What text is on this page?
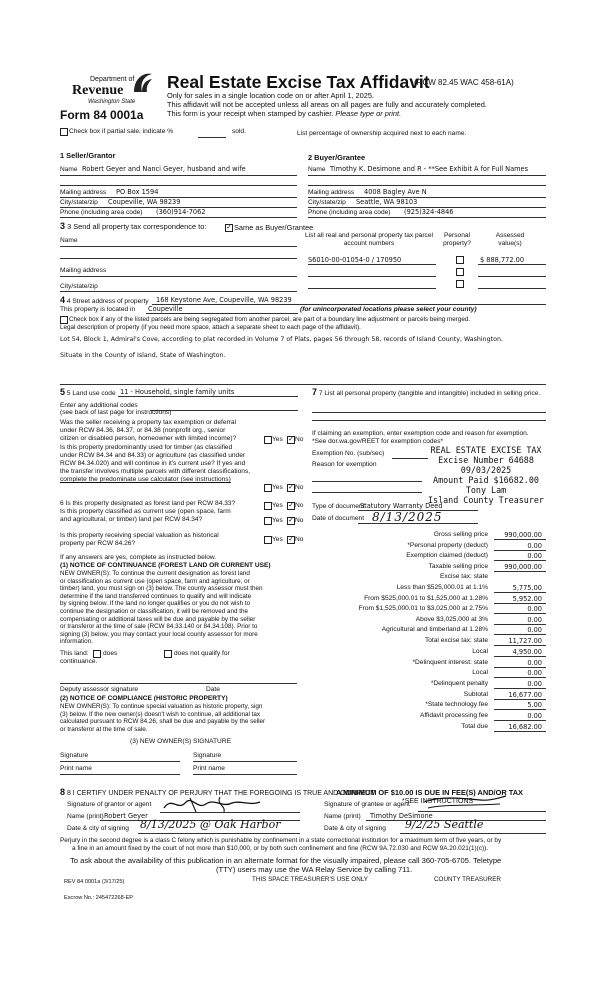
Department of
Revenue
Washington State
Form 84 0001a
Real Estate Excise Tax Affidavit
(RCW 82.45 WAC 458-61A)
Only for sales in a single location code on or after April 1, 2025.
This affidavit will not be accepted unless all areas on all pages are fully and accurately completed.
This form is your receipt when stamped by cashier. Please type or print.
Check box if partial sale, indicate %	sold.	List percentage of ownership acquired next to each name.
1 Seller/Grantor
Name Robert Geyer and Nanci Geyer, husband and wife
Mailing address PO Box 1594
City/state/zip Coupeville, WA 98239
Phone (including area code) (360)914-7062
2 Buyer/Grantee
Name Timothy K. Desimone and R - **See Exhibit A for Full Names
Mailing address 4008 Bagley Ave N
City/state/zip Seattle, WA 98103
Phone (including area code) (925)324-4846
3 3 Send all property tax correspondence to:	✓ Same as Buyer/Grantee
Name
Mailing address
City/state/zip
List all real and personal property tax parcel account numbers
Personal property?
Assessed value(s)
S6010-00-01054-0 / 170950	$ 888,772.00
4 4 Street address of property 168 Keystone Ave, Coupeville, WA 98239
This property is located in Coupeville	(for unincorporated locations please select your county)
Check box if any of the listed parcels are being segregated from another parcel, are part of a boundary line adjustment or parcels being merged.
Legal description of property (if you need more space, attach a separate sheet to each page of the affidavit).
Lot 54, Block 1, Admiral's Cove, according to plat recorded in Volume 7 of Plats, pages 56 through 58, records of Island County, Washington.
Situate in the County of Island, State of Washington.
5 5 Land use code 11 - Household, single family units
Enter any additional codes
(see back of last page for instructions)
Was the seller receiving a property tax exemption or deferral
under RCW 84.36, 84.37, or 84.38 (nonprofit org., senior
citizen or disabled person, homeowner with limited income)?	Yes ✓ No
Is this property predominantly used for timber (as classified
under RCW 84.34 and 84.33) or agriculture (as classified under
RCW 84.34.020) and will continue in it's current use? If yes and
the transfer involves multiple parcels with different classifications,
complete the predominate use calculator (see instructions)
Yes ✓ No
6 Is this property designated as forest land per RCW 84.33?
Is this property classified as current use (open space, farm
and agricultural, or timber) land per RCW 84.34?
Yes ✓ No
Yes ✓ No
Is this property receiving special valuation as historical
property per RCW 84.26?
Yes ✓ No
If any answers are yes, complete as instructed below.
(1) NOTICE OF CONTINUANCE (FOREST LAND OR CURRENT USE)
NEW OWNER(S): To continue the current designation as forest land
or classification as current use (open space, farm and agriculture, or
timber) land, you must sign on (3) below. The county assessor must then
determine if the land transferred continues to qualify and will indicate
by signing below. If the land no longer qualifies or you do not wish to
continue the designation or classification, it will be removed and the
compensating or additional taxes will be due and payable by the seller
or transferor at the time of sale (RCW 84.33.140 or 84.34.108). Prior to
signing (3) below, you may contact your local county assessor for more
information.
This land: does	does not qualify for
continuance.
Deputy assessor signature	Date
(2) NOTICE OF COMPLIANCE (HISTORIC PROPERTY)
NEW OWNER(S): To continue special valuation as historic property, sign
(3) below. If the new owner(s) doesn't wish to continue, all additional tax
calculated pursuant to RCW 84.26, shall be due and payable by the seller
or transferor at the time of sale.
(3) NEW OWNER(S) SIGNATURE
Signature	Signature
Print name	Print name
7 7 List all personal property (tangible and intangible) included in selling price.
If claiming an exemption, enter exemption code and reason for exemption.
*See dor.wa.gov/REET for exemption codes*
Exemption No. (sub/sec)
Reason for exemption
REAL ESTATE EXCISE TAX
Excise Number 64688
09/03/2025
Amount Paid $16682.00
Tony Lam
Island County Treasurer
Type of document
Statutory Warranty Deed
Date of document 8/13/2025
Gross selling price	990,000.00
*Personal property (deduct)	0.00
Exemption claimed (deduct)	0.00
Taxable selling price	990,000.00
Excise tax: state
Less than $525,000.01 at 1.1%	5,775.00
From $525,000.01 to $1,525,000 at 1.28%	5,952.00
From $1,525,000.01 to $3,025,000 at 2.75%	0.00
Above $3,025,000 at 3%	0.00
Agricultural and timberland at 1.28%	0.00
Total excise tax: state	11,727.00
Local	4,950.00
*Delinquent interest: state	0.00
Local	0.00
*Delinquent penalty	0.00
Subtotal	16,677.00
*State technology fee	5.00
Affidavit processing fee	0.00
Total due	16,682.00
A MINIMUM OF $10.00 IS DUE IN FEE(S) AND/OR TAX
*SEE INSTRUCTIONS
8 8 I CERTIFY UNDER PENALTY OF PERJURY THAT THE FOREGOING IS TRUE AND CORRECT
Signature of grantor or agent
Name (print) Robert Geyer
Date & city of signing 8/13/2025 @ Oak Harbor
Signature of grantee or agent
Name (print) Timothy DeSimone
Date & city of signing 9/2/25 Seattle
Perjury in the second degree is a class C felony which is punishable by confinement in a state correctional institution for a maximum term of five years, or by
a fine in an amount fixed by the court of not more than $10,000, or by both such confinement and fine (RCW 9A.72.030 and RCW 9A.20.021(1)(c)).
To ask about the availability of this publication in an alternate format for the visually impaired, please call 360-705-6705. Teletype
(TTY) users may use the WA Relay Service by calling 711.
REV 84 0001a (3/17/25)	THIS SPACE TREASURER'S USE ONLY	COUNTY TREASURER
Escrow No.: 245472268-EP
